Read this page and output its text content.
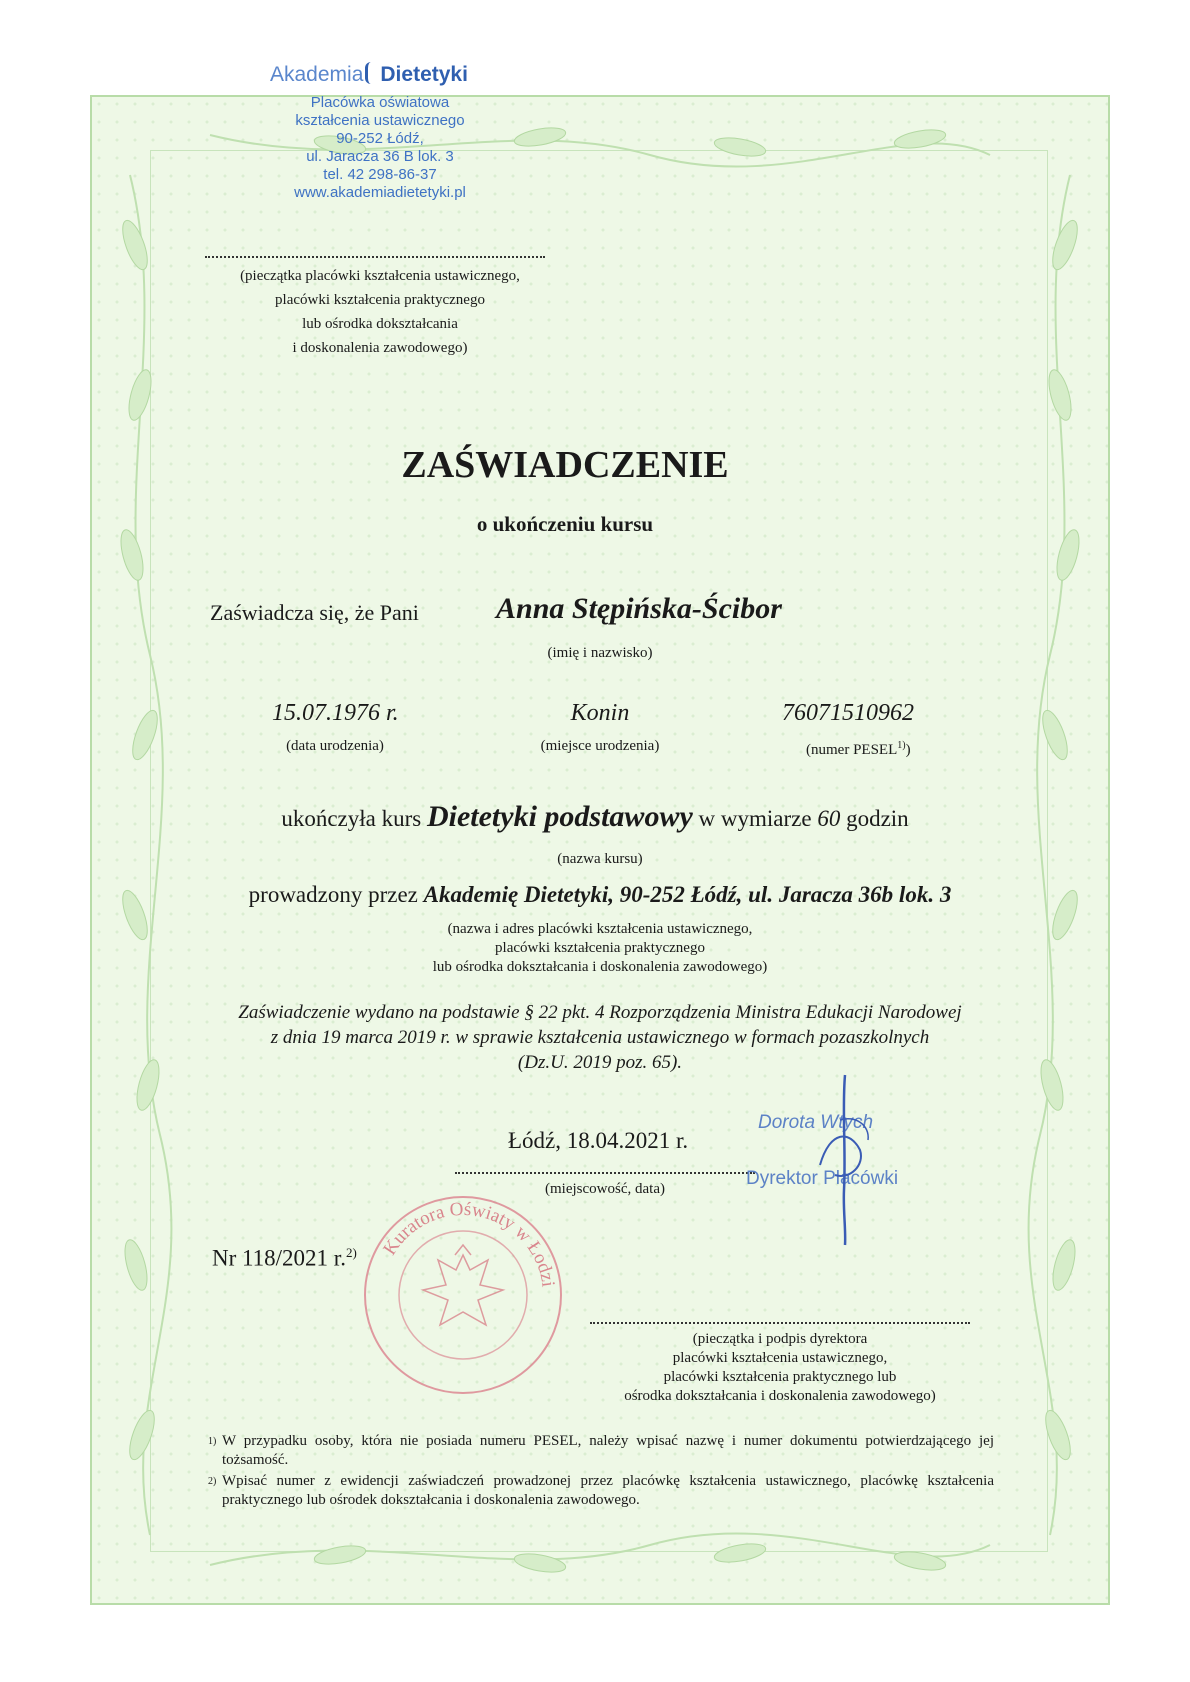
Akademia Dietetyki
Placówka oświatowa
kształcenia ustawicznego
90-252 Łódź,
ul. Jaracza 36 B lok. 3
tel. 42 298-86-37
www.akademiadietetyki.pl
(pieczątka placówki kształcenia ustawicznego,
placówki kształcenia praktycznego
lub ośrodka dokształcania
i doskonalenia zawodowego)
ZAŚWIADCZENIE
o ukończeniu kursu
Zaświadcza się, że Pani	Anna Stępińska-Ścibor
(imię i nazwisko)
15.07.1976 r.
(data urodzenia)
Konin
(miejsce urodzenia)
76071510962
(numer PESEL$^{1)}$)
ukończyła kurs Dietetyki podstawowy w wymiarze 60 godzin
(nazwa kursu)
prowadzony przez Akademię Dietetyki, 90-252 Łódź, ul. Jaracza 36b lok. 3
(nazwa i adres placówki kształcenia ustawicznego,
placówki kształcenia praktycznego
lub ośrodka dokształcania i doskonalenia zawodowego)
Zaświadczenie wydano na podstawie § 22 pkt. 4 Rozporządzenia Ministra Edukacji Narodowej
z dnia 19 marca 2019 r. w sprawie kształcenia ustawicznego w formach pozaszkolnych
(Dz.U. 2019 poz. 65).
Łódź, 18.04.2021 r.
(miejscowość, data)
Dorota Wtych
Dyrektor Placówki
Nr 118/2021 r.$^{2)}$ Kuratora Oświaty w Łodzi
(pieczątka i podpis dyrektora
placówki kształcenia ustawicznego,
placówki kształcenia praktycznego lub
ośrodka dokształcania i doskonalenia zawodowego)
1) W przypadku osoby, która nie posiada numeru PESEL, należy wpisać nazwę i numer dokumentu potwierdzającego jej tożsamość.
2) Wpisać numer z ewidencji zaświadczeń prowadzonej przez placówkę kształcenia ustawicznego, placówkę kształcenia praktycznego lub ośrodek dokształcania i doskonalenia zawodowego.
